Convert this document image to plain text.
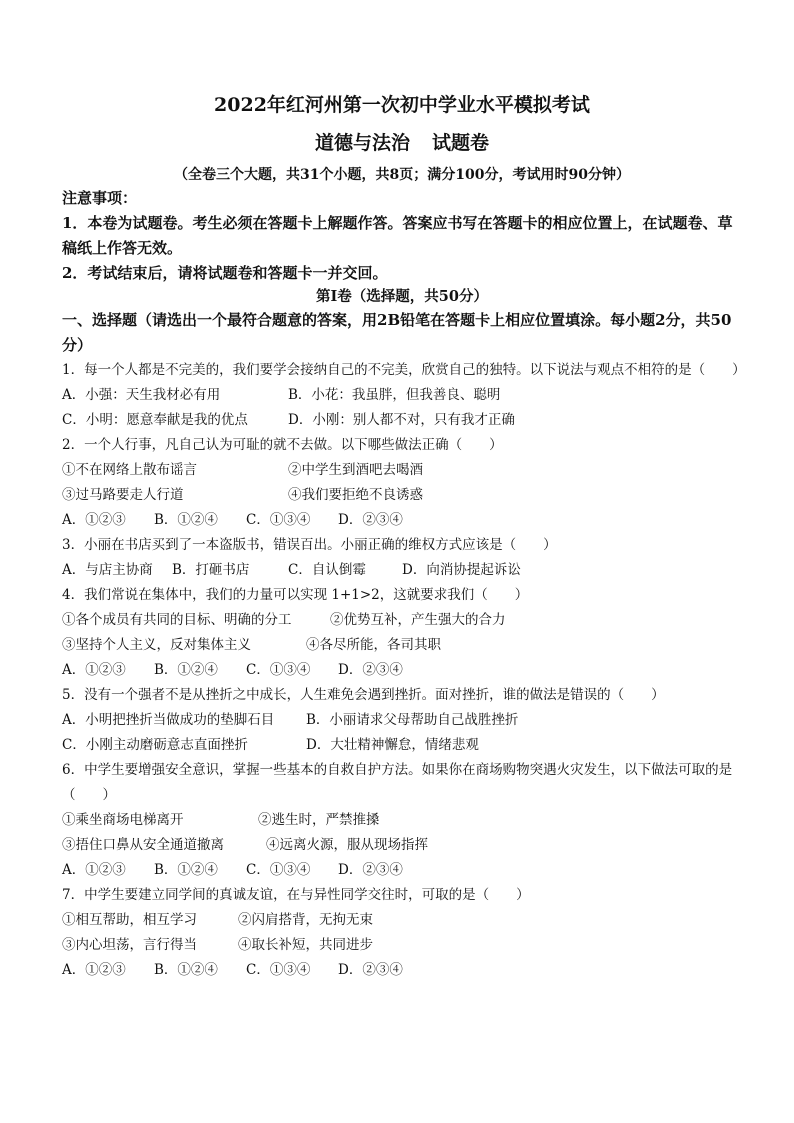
2022年红河州第一次初中学业水平模拟考试

道德与法治 试题卷

（全卷三个大题，共31个小题，共8页；满分100分，考试用时90分钟）

注意事项：

1．本卷为试题卷。考生必须在答题卡上解题作答。答案应书写在答题卡的相应位置上，在试题卷、草稿纸上作答无效。

2．考试结束后，请将试题卷和答题卡一并交回。

第Ⅰ卷（选择题，共50分）

一、选择题（请选出一个最符合题意的答案，用2B铅笔在答题卡上相应位置填涂。每小题2分，共50分）

1．每一个人都是不完美的，我们要学会接纳自己的不完美，欣赏自己的独特。以下说法与观点不相符的是（　　）

A．小强：天生我材必有用	B．小花：我虽胖，但我善良、聪明

C．小明：愿意奉献是我的优点	D．小刚：别人都不对，只有我才正确

2．一个人行事，凡自己认为可耻的就不去做。以下哪些做法正确（　　）

①不在网络上散布谣言	②中学生到酒吧去喝酒

③过马路要走人行道	④我们要拒绝不良诱惑

A．①②③ B．①②④ C．①③④ D．②③④

3．小丽在书店买到了一本盗版书，错误百出。小丽正确的维权方式应该是（　　）

A．与店主协商 B．打砸书店	C．自认倒霉	D．向消协提起诉讼

4．我们常说在集体中，我们的力量可以实现 1+1>2，这就要求我们（　　）

①各个成员有共同的目标、明确的分工	②优势互补，产生强大的合力

③坚持个人主义，反对集体主义	④各尽所能，各司其职

A．①②③ B．①②④ C．①③④ D．②③④

5．没有一个强者不是从挫折之中成长，人生难免会遇到挫折。面对挫折，谁的做法是错误的（　　）

A．小明把挫折当做成功的垫脚石目 B．小丽请求父母帮助自己战胜挫折

C．小刚主动磨砺意志直面挫折	D．大壮精神懈怠，情绪悲观

6．中学生要增强安全意识，掌握一些基本的自救自护方法。如果你在商场购物突遇火灾发生，以下做法可取的是（　　）

①乘坐商场电梯离开	②逃生时，严禁推搡

③捂住口鼻从安全通道撤离	④远离火源，服从现场指挥

A．①②③ B．①②④ C．①③④ D．②③④

7．中学生要建立同学间的真诚友谊，在与异性同学交往时，可取的是（　　）

①相互帮助，相互学习	②闪肩搭背，无拘无束

③内心坦荡，言行得当	④取长补短，共同进步

A．①②③ B．①②④ C．①③④ D．②③④
